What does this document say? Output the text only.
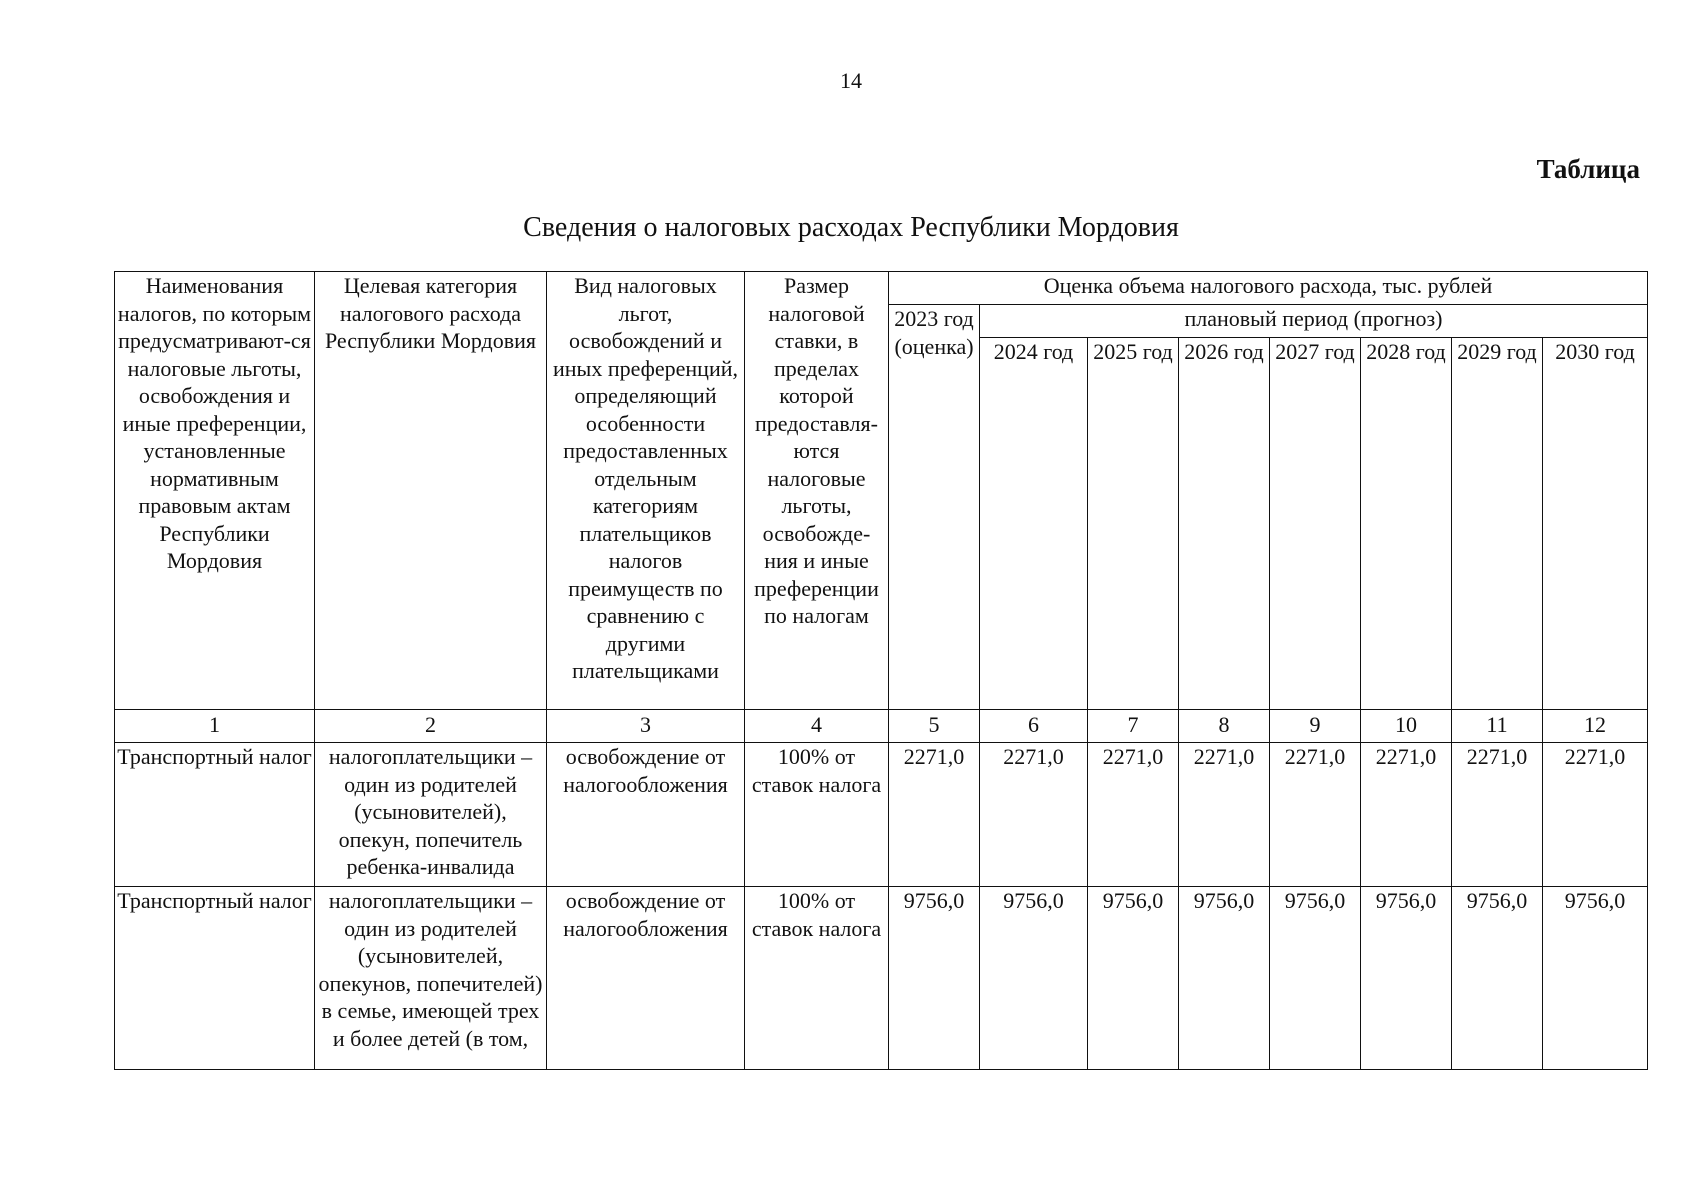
14
Таблица
Сведения о налоговых расходах Республики Мордовия
Наименования налогов, по которым предусматривают-ся налоговые льготы, освобождения и иные преференции, установленные нормативным правовым актам Республики Мордовия	Целевая категория налогового расхода Республики Мордовия	Вид налоговых льгот, освобождений и иных преференций, определяющий особенности предоставленных отдельным категориям плательщиков налогов преимуществ по сравнению с другими плательщиками	Размер налоговой ставки, в пределах которой предоставля-ются налоговые льготы, освобожде-ния и иные преференции по налогам	Оценка объема налогового расхода, тыс. рублей							
				2023 год (оценка)	плановый период (прогноз)						
					2024 год	2025 год	2026 год	2027 год	2028 год	2029 год	2030 год
1	2	3	4	5	6	7	8	9	10	11	12
Транспортный налог	налогоплательщики – один из родителей (усыновителей), опекун, попечитель ребенка-инвалида	освобождение от налогообложения	100% от ставок налога	2271,0	2271,0	2271,0	2271,0	2271,0	2271,0	2271,0	2271,0
Транспортный налог	налогоплательщики – один из родителей (усыновителей, опекунов, попечителей) в семье, имеющей трех и более детей (в том,	освобождение от налогообложения	100% от ставок налога	9756,0	9756,0	9756,0	9756,0	9756,0	9756,0	9756,0	9756,0
